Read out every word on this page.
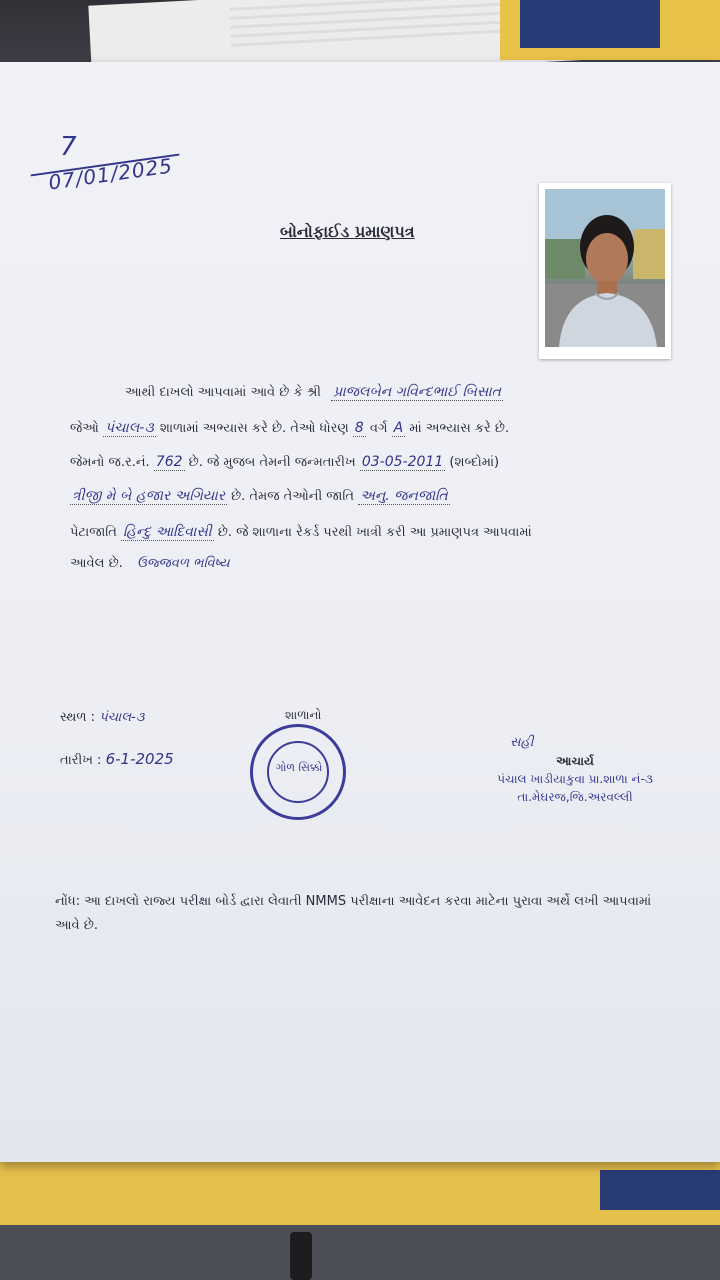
7
07/01/2025
બોનોફાઈડ પ્રમાણપત્ર
આથી દાખલો આપવામાં આવે છે કે શ્રી પ્રાજલબેન ગવિન્દભાઈ બિસાત
જેઓ પંચાલ-૩ શાળામાં અભ્યાસ કરે છે. તેઓ ધોરણ 8 વર્ગ A માં અભ્યાસ કરે છે.
જેમનો જ.ર.નં. 762 છે. જે મુજબ તેમની જન્મતારીખ 03-05-2011 (શબ્દોમાં)
ત્રીજી મે બે હજાર અગિયાર છે. તેમજ તેઓની જાતિ અનુ. જનજાતિ
પેટાજાતિ હિન્દુ આદિવાસી છે. જે શાળાના રેકર્ડ પરથી ખાત્રી કરી આ પ્રમાણપત્ર આપવામાં
આવેલ છે. ઉજ્જવળ ભવિષ્ય
સ્થળ : પંચાલ-૩
તારીખ : 6-1-2025
શાળાનો
ગોળ સિક્કો
સહી
આચાર્ય
પંચાલ ખાડીયાકુવા પ્રા.શાળા નં-૩
તા.મેઘરજ,જિ.અરવલ્લી
નોંધ: આ દાખલો રાજ્ય પરીક્ષા બોર્ડ દ્વારા લેવાતી NMMS પરીક્ષાના આવેદન કરવા માટેના પુરાવા અર્થે લખી આપવામાં આવે છે.
